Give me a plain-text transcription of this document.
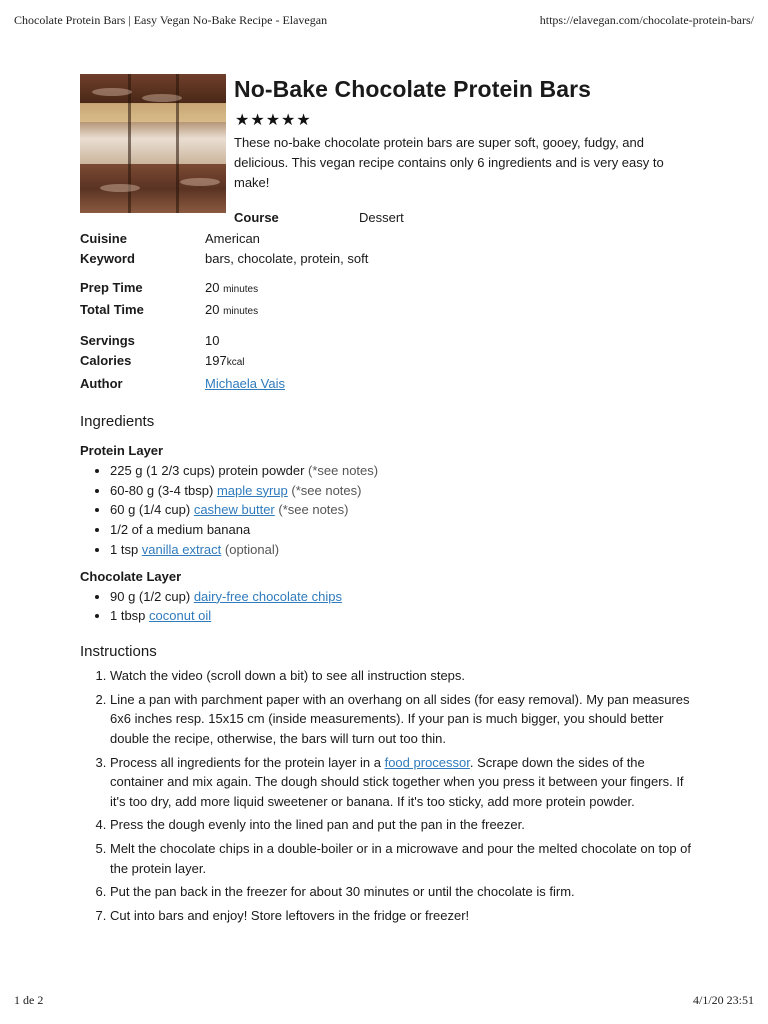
Chocolate Protein Bars | Easy Vegan No-Bake Recipe - Elavegan	https://elavegan.com/chocolate-protein-bars/
No-Bake Chocolate Protein Bars
★★★★★

These no-bake chocolate protein bars are super soft, gooey, fudgy, and delicious. This vegan recipe contains only 6 ingredients and is very easy to make!

Course	Dessert
Cuisine	American
Keyword	bars, chocolate, protein, soft
Prep Time	20 minutes
Total Time	20 minutes
Servings	10
Calories	197kcal
Author	Michaela Vais
Ingredients
Protein Layer
• 225 g (1 2/3 cups) protein powder (*see notes)
• 60-80 g (3-4 tbsp) maple syrup (*see notes)
• 60 g (1/4 cup) cashew butter (*see notes)
• 1/2 of a medium banana
• 1 tsp vanilla extract (optional)
Chocolate Layer
• 90 g (1/2 cup) dairy-free chocolate chips
• 1 tbsp coconut oil
Instructions
1. Watch the video (scroll down a bit) to see all instruction steps.
2. Line a pan with parchment paper with an overhang on all sides (for easy removal). My pan measures 6x6 inches resp. 15x15 cm (inside measurements). If your pan is much bigger, you should better double the recipe, otherwise, the bars will turn out too thin.
3. Process all ingredients for the protein layer in a food processor. Scrape down the sides of the container and mix again. The dough should stick together when you press it between your fingers. If it's too dry, add more liquid sweetener or banana. If it's too sticky, add more protein powder.
4. Press the dough evenly into the lined pan and put the pan in the freezer.
5. Melt the chocolate chips in a double-boiler or in a microwave and pour the melted chocolate on top of the protein layer.
6. Put the pan back in the freezer for about 30 minutes or until the chocolate is firm.
7. Cut into bars and enjoy! Store leftovers in the fridge or freezer!
1 de 2	4/1/20 23:51
